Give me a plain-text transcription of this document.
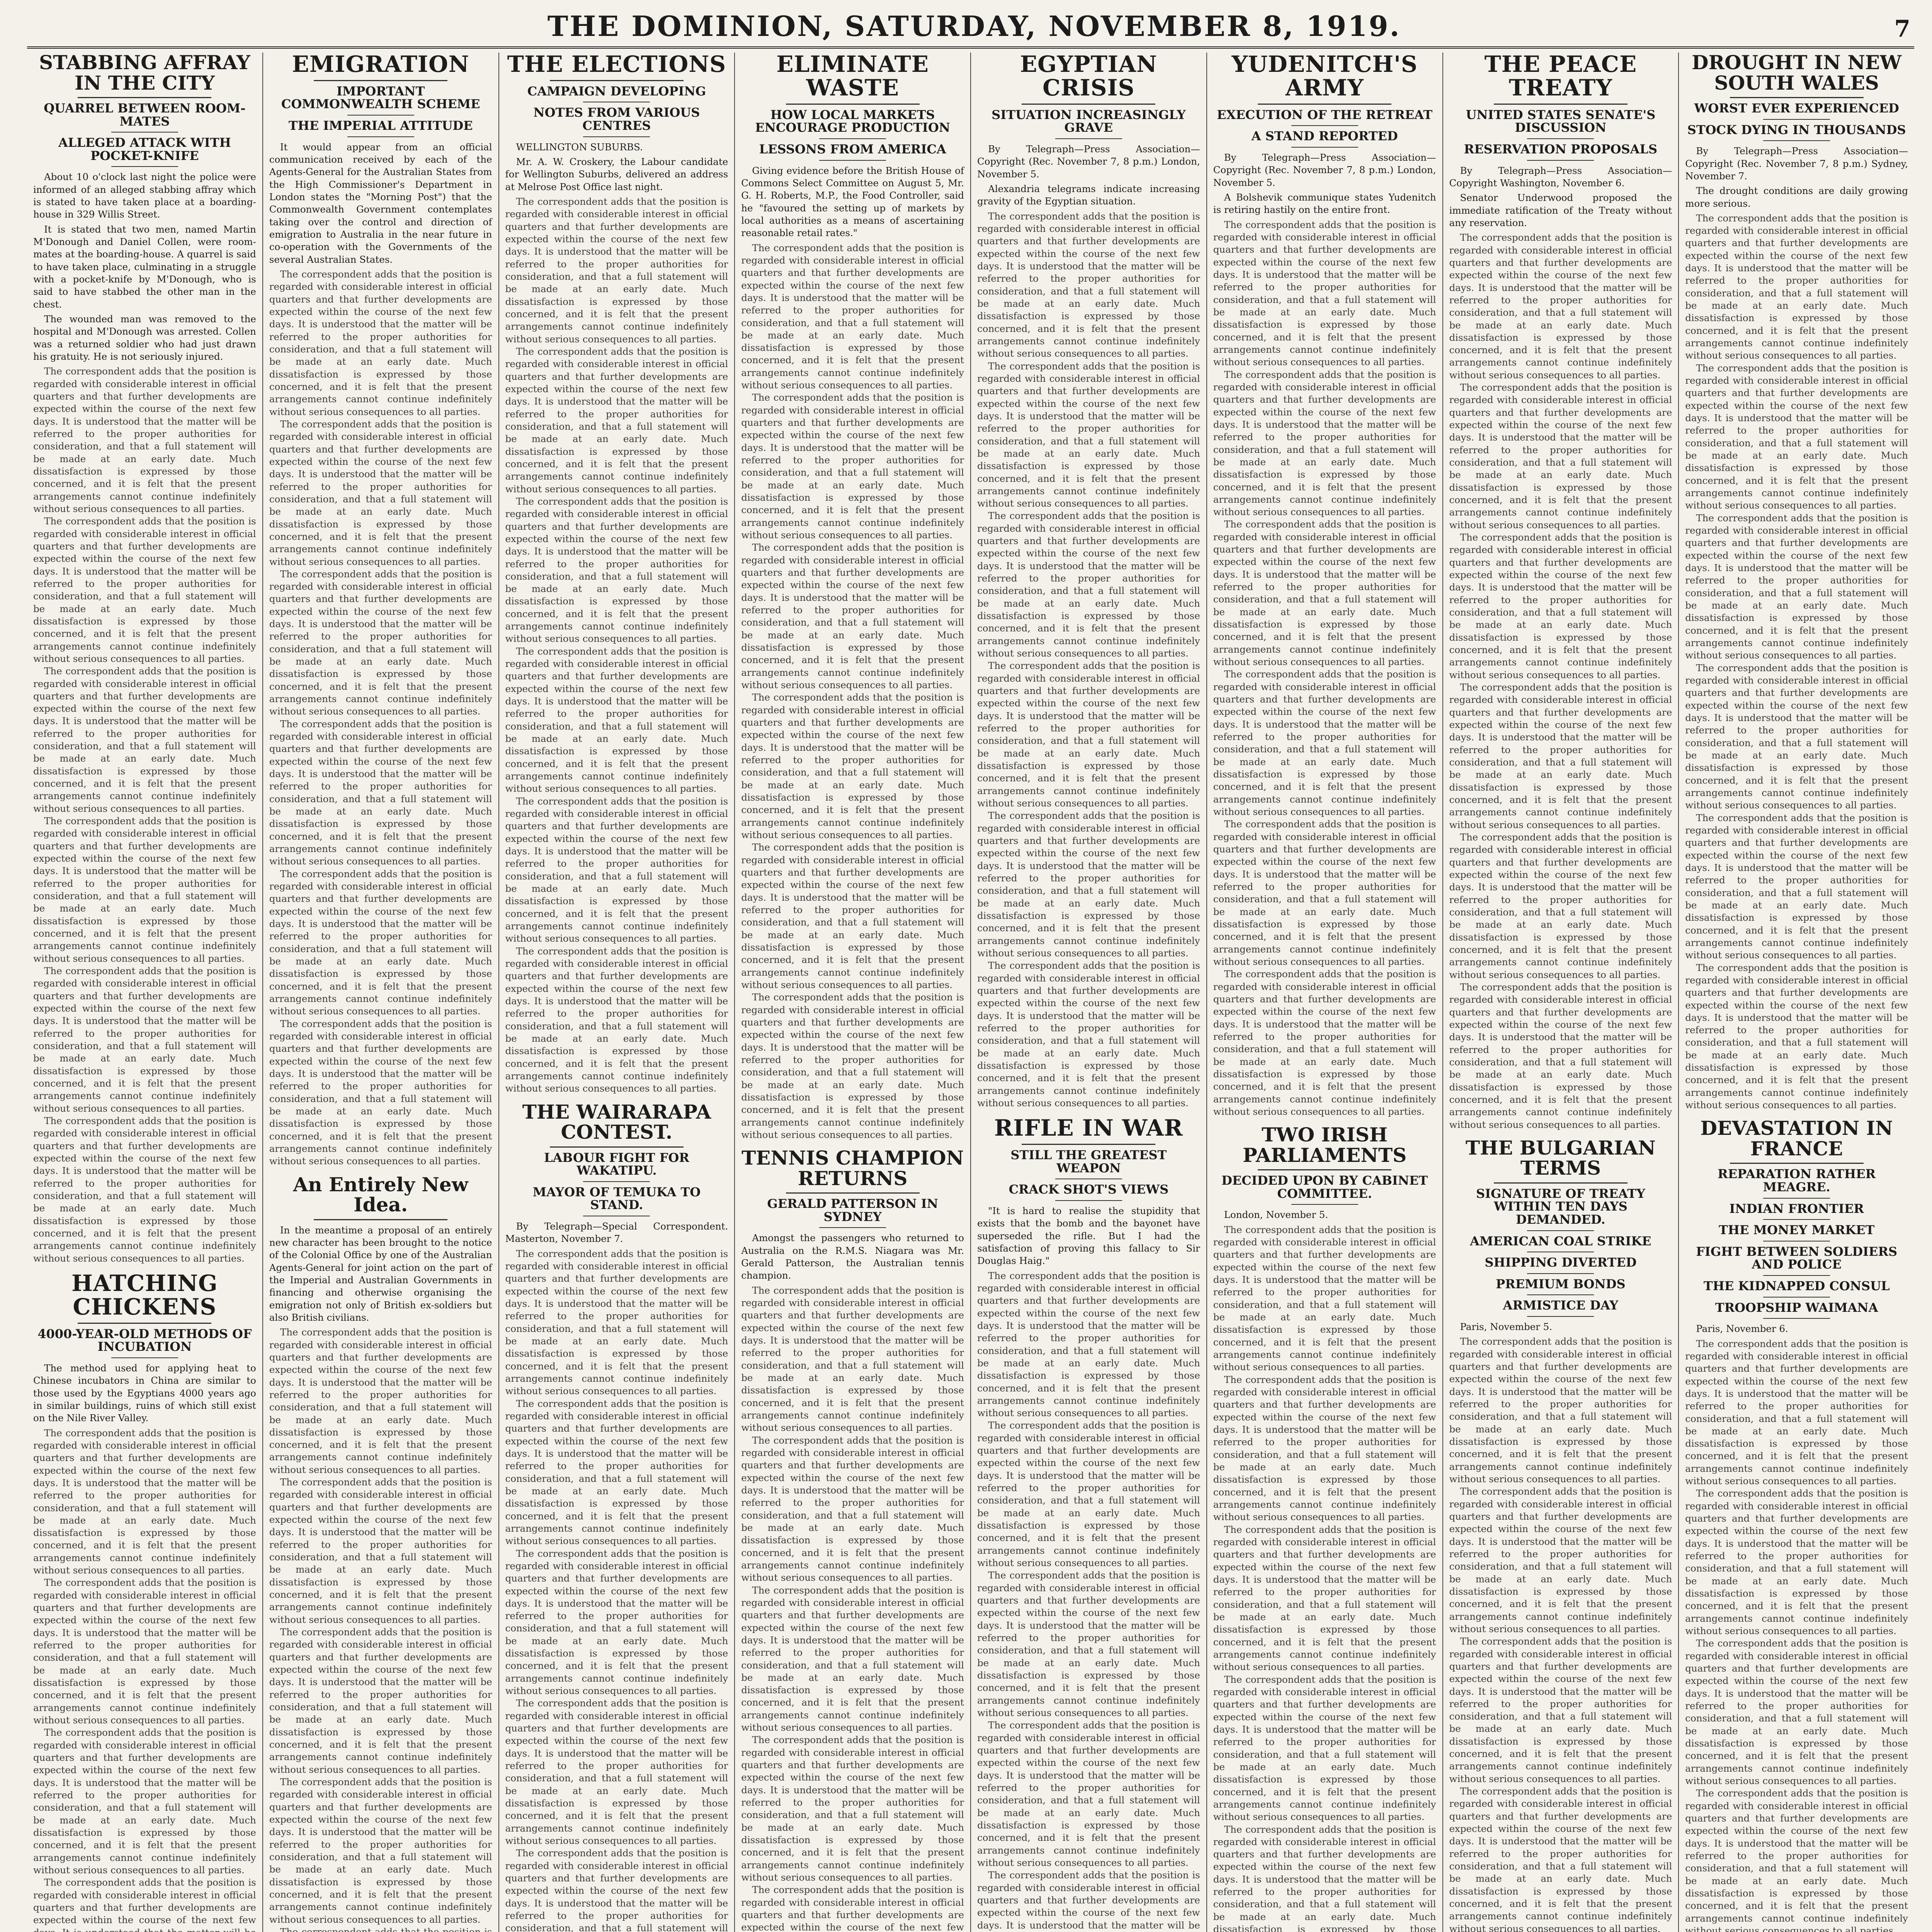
THE DOMINION, SATURDAY, NOVEMBER 8, 1919.	7
STABBING AFFRAY IN THE CITY
QUARREL BETWEEN ROOM-MATES
ALLEGED ATTACK WITH POCKET-KNIFE

About 10 o'clock last night the police were informed of an alleged stabbing affray which is stated to have taken place at a boarding-house in 329 Willis Street.

It is stated that two men, named Martin M'Donough and Daniel Collen, were room-mates at the boarding-house. A quarrel is said to have taken place, culminating in a struggle with a pocket-knife by M'Donough, who is said to have stabbed the other man in the chest.

The wounded man was removed to the hospital and M'Donough was arrested. Collen was a returned soldier who had just drawn his gratuity. He is not seriously injured.

The correspondent adds that the position is regarded with considerable interest in official quarters and that further developments are expected within the course of the next few days. It is understood that the matter will be referred to the proper authorities for consideration, and that a full statement will be made at an early date. Much dissatisfaction is expressed by those concerned, and it is felt that the present arrangements cannot continue indefinitely without serious consequences to all parties.

The correspondent adds that the position is regarded with considerable interest in official quarters and that further developments are expected within the course of the next few days. It is understood that the matter will be referred to the proper authorities for consideration, and that a full statement will be made at an early date. Much dissatisfaction is expressed by those concerned, and it is felt that the present arrangements cannot continue indefinitely without serious consequences to all parties.

The correspondent adds that the position is regarded with considerable interest in official quarters and that further developments are expected within the course of the next few days. It is understood that the matter will be referred to the proper authorities for consideration, and that a full statement will be made at an early date. Much dissatisfaction is expressed by those concerned, and it is felt that the present arrangements cannot continue indefinitely without serious consequences to all parties.

The correspondent adds that the position is regarded with considerable interest in official quarters and that further developments are expected within the course of the next few days. It is understood that the matter will be referred to the proper authorities for consideration, and that a full statement will be made at an early date. Much dissatisfaction is expressed by those concerned, and it is felt that the present arrangements cannot continue indefinitely without serious consequences to all parties.

The correspondent adds that the position is regarded with considerable interest in official quarters and that further developments are expected within the course of the next few days. It is understood that the matter will be referred to the proper authorities for consideration, and that a full statement will be made at an early date. Much dissatisfaction is expressed by those concerned, and it is felt that the present arrangements cannot continue indefinitely without serious consequences to all parties.

The correspondent adds that the position is regarded with considerable interest in official quarters and that further developments are expected within the course of the next few days. It is understood that the matter will be referred to the proper authorities for consideration, and that a full statement will be made at an early date. Much dissatisfaction is expressed by those concerned, and it is felt that the present arrangements cannot continue indefinitely without serious consequences to all parties.

HATCHING CHICKENS
4000-YEAR-OLD METHODS OF INCUBATION

The method used for applying heat to Chinese incubators in China are similar to those used by the Egyptians 4000 years ago in similar buildings, ruins of which still exist on the Nile River Valley.

The correspondent adds that the position is regarded with considerable interest in official quarters and that further developments are expected within the course of the next few days. It is understood that the matter will be referred to the proper authorities for consideration, and that a full statement will be made at an early date. Much dissatisfaction is expressed by those concerned, and it is felt that the present arrangements cannot continue indefinitely without serious consequences to all parties.

The correspondent adds that the position is regarded with considerable interest in official quarters and that further developments are expected within the course of the next few days. It is understood that the matter will be referred to the proper authorities for consideration, and that a full statement will be made at an early date. Much dissatisfaction is expressed by those concerned, and it is felt that the present arrangements cannot continue indefinitely without serious consequences to all parties.

The correspondent adds that the position is regarded with considerable interest in official quarters and that further developments are expected within the course of the next few days. It is understood that the matter will be referred to the proper authorities for consideration, and that a full statement will be made at an early date. Much dissatisfaction is expressed by those concerned, and it is felt that the present arrangements cannot continue indefinitely without serious consequences to all parties.

The correspondent adds that the position is regarded with considerable interest in official quarters and that further developments are expected within the course of the next few days. It is understood that the matter will be referred to the proper authorities for consideration, and that a full statement will be made at an early date. Much dissatisfaction is expressed by those concerned, and it is felt that the present arrangements cannot continue indefinitely without serious consequences to all parties.

EMIGRATION
IMPORTANT COMMONWEALTH SCHEME
THE IMPERIAL ATTITUDE

It would appear from an official communication received by each of the Agents-General for the Australian States from the High Commissioner's Department in London states the "Morning Post") that the Commonwealth Government contemplates taking over the control and direction of emigration to Australia in the near future in co-operation with the Governments of the several Australian States.

The correspondent adds that the position is regarded with considerable interest in official quarters and that further developments are expected within the course of the next few days. It is understood that the matter will be referred to the proper authorities for consideration, and that a full statement will be made at an early date. Much dissatisfaction is expressed by those concerned, and it is felt that the present arrangements cannot continue indefinitely without serious consequences to all parties.

The correspondent adds that the position is regarded with considerable interest in official quarters and that further developments are expected within the course of the next few days. It is understood that the matter will be referred to the proper authorities for consideration, and that a full statement will be made at an early date. Much dissatisfaction is expressed by those concerned, and it is felt that the present arrangements cannot continue indefinitely without serious consequences to all parties.

The correspondent adds that the position is regarded with considerable interest in official quarters and that further developments are expected within the course of the next few days. It is understood that the matter will be referred to the proper authorities for consideration, and that a full statement will be made at an early date. Much dissatisfaction is expressed by those concerned, and it is felt that the present arrangements cannot continue indefinitely without serious consequences to all parties.

The correspondent adds that the position is regarded with considerable interest in official quarters and that further developments are expected within the course of the next few days. It is understood that the matter will be referred to the proper authorities for consideration, and that a full statement will be made at an early date. Much dissatisfaction is expressed by those concerned, and it is felt that the present arrangements cannot continue indefinitely without serious consequences to all parties.

The correspondent adds that the position is regarded with considerable interest in official quarters and that further developments are expected within the course of the next few days. It is understood that the matter will be referred to the proper authorities for consideration, and that a full statement will be made at an early date. Much dissatisfaction is expressed by those concerned, and it is felt that the present arrangements cannot continue indefinitely without serious consequences to all parties.

The correspondent adds that the position is regarded with considerable interest in official quarters and that further developments are expected within the course of the next few days. It is understood that the matter will be referred to the proper authorities for consideration, and that a full statement will be made at an early date. Much dissatisfaction is expressed by those concerned, and it is felt that the present arrangements cannot continue indefinitely without serious consequences to all parties.

An Entirely New Idea.

In the meantime a proposal of an entirely new character has been brought to the notice of the Colonial Office by one of the Australian Agents-General for joint action on the part of the Imperial and Australian Governments in financing and otherwise organising the emigration not only of British ex-soldiers but also British civilians.

The correspondent adds that the position is regarded with considerable interest in official quarters and that further developments are expected within the course of the next few days. It is understood that the matter will be referred to the proper authorities for consideration, and that a full statement will be made at an early date. Much dissatisfaction is expressed by those concerned, and it is felt that the present arrangements cannot continue indefinitely without serious consequences to all parties.

The correspondent adds that the position is regarded with considerable interest in official quarters and that further developments are expected within the course of the next few days. It is understood that the matter will be referred to the proper authorities for consideration, and that a full statement will be made at an early date. Much dissatisfaction is expressed by those concerned, and it is felt that the present arrangements cannot continue indefinitely without serious consequences to all parties.

The correspondent adds that the position is regarded with considerable interest in official quarters and that further developments are expected within the course of the next few days. It is understood that the matter will be referred to the proper authorities for consideration, and that a full statement will be made at an early date. Much dissatisfaction is expressed by those concerned, and it is felt that the present arrangements cannot continue indefinitely without serious consequences to all parties.

The correspondent adds that the position is regarded with considerable interest in official quarters and that further developments are expected within the course of the next few days. It is understood that the matter will be referred to the proper authorities for consideration, and that a full statement will be made at an early date. Much dissatisfaction is expressed by those concerned, and it is felt that the present arrangements cannot continue indefinitely without serious consequences to all parties.

The correspondent adds that the position is regarded with considerable interest in official quarters and that further developments are expected within the course of the next few days. It is understood that the matter will be referred to the proper authorities for consideration, and that a full statement will be made at an early date. Much dissatisfaction is expressed by those concerned, and it is felt that the present arrangements cannot continue indefinitely without serious consequences to all parties.

THE ELECTIONS
CAMPAIGN DEVELOPING
NOTES FROM VARIOUS CENTRES

WELLINGTON SUBURBS.

Mr. A. W. Croskery, the Labour candidate for Wellington Suburbs, delivered an address at Melrose Post Office last night.

The correspondent adds that the position is regarded with considerable interest in official quarters and that further developments are expected within the course of the next few days. It is understood that the matter will be referred to the proper authorities for consideration, and that a full statement will be made at an early date. Much dissatisfaction is expressed by those concerned, and it is felt that the present arrangements cannot continue indefinitely without serious consequences to all parties.

The correspondent adds that the position is regarded with considerable interest in official quarters and that further developments are expected within the course of the next few days. It is understood that the matter will be referred to the proper authorities for consideration, and that a full statement will be made at an early date. Much dissatisfaction is expressed by those concerned, and it is felt that the present arrangements cannot continue indefinitely without serious consequences to all parties.

The correspondent adds that the position is regarded with considerable interest in official quarters and that further developments are expected within the course of the next few days. It is understood that the matter will be referred to the proper authorities for consideration, and that a full statement will be made at an early date. Much dissatisfaction is expressed by those concerned, and it is felt that the present arrangements cannot continue indefinitely without serious consequences to all parties.

The correspondent adds that the position is regarded with considerable interest in official quarters and that further developments are expected within the course of the next few days. It is understood that the matter will be referred to the proper authorities for consideration, and that a full statement will be made at an early date. Much dissatisfaction is expressed by those concerned, and it is felt that the present arrangements cannot continue indefinitely without serious consequences to all parties.

The correspondent adds that the position is regarded with considerable interest in official quarters and that further developments are expected within the course of the next few days. It is understood that the matter will be referred to the proper authorities for consideration, and that a full statement will be made at an early date. Much dissatisfaction is expressed by those concerned, and it is felt that the present arrangements cannot continue indefinitely without serious consequences to all parties.

The correspondent adds that the position is regarded with considerable interest in official quarters and that further developments are expected within the course of the next few days. It is understood that the matter will be referred to the proper authorities for consideration, and that a full statement will be made at an early date. Much dissatisfaction is expressed by those concerned, and it is felt that the present arrangements cannot continue indefinitely without serious consequences to all parties.

THE WAIRARAPA CONTEST.
LABOUR FIGHT FOR WAKATIPU.
MAYOR OF TEMUKA TO STAND.

By Telegraph—Special Correspondent. Masterton, November 7.

The correspondent adds that the position is regarded with considerable interest in official quarters and that further developments are expected within the course of the next few days. It is understood that the matter will be referred to the proper authorities for consideration, and that a full statement will be made at an early date. Much dissatisfaction is expressed by those concerned, and it is felt that the present arrangements cannot continue indefinitely without serious consequences to all parties.

The correspondent adds that the position is regarded with considerable interest in official quarters and that further developments are expected within the course of the next few days. It is understood that the matter will be referred to the proper authorities for consideration, and that a full statement will be made at an early date. Much dissatisfaction is expressed by those concerned, and it is felt that the present arrangements cannot continue indefinitely without serious consequences to all parties.

The correspondent adds that the position is regarded with considerable interest in official quarters and that further developments are expected within the course of the next few days. It is understood that the matter will be referred to the proper authorities for consideration, and that a full statement will be made at an early date. Much dissatisfaction is expressed by those concerned, and it is felt that the present arrangements cannot continue indefinitely without serious consequences to all parties.

The correspondent adds that the position is regarded with considerable interest in official quarters and that further developments are expected within the course of the next few days. It is understood that the matter will be referred to the proper authorities for consideration, and that a full statement will be made at an early date. Much dissatisfaction is expressed by those concerned, and it is felt that the present arrangements cannot continue indefinitely without serious consequences to all parties.

The correspondent adds that the position is regarded with considerable interest in official quarters and that further developments are expected within the course of the next few days. It is understood that the matter will be referred to the proper authorities for consideration, and that a full statement will be made at an early date. Much dissatisfaction is expressed by those concerned, and it is felt that the present arrangements cannot continue indefinitely without serious consequences to all parties.

ELIMINATE WASTE
HOW LOCAL MARKETS ENCOURAGE PRODUCTION
LESSONS FROM AMERICA

Giving evidence before the British House of Commons Select Committee on August 5, Mr. G. H. Roberts, M.P., the Food Controller, said he "favoured the setting up of markets by local authorities as a means of ascertaining reasonable retail rates."

The correspondent adds that the position is regarded with considerable interest in official quarters and that further developments are expected within the course of the next few days. It is understood that the matter will be referred to the proper authorities for consideration, and that a full statement will be made at an early date. Much dissatisfaction is expressed by those concerned, and it is felt that the present arrangements cannot continue indefinitely without serious consequences to all parties.

The correspondent adds that the position is regarded with considerable interest in official quarters and that further developments are expected within the course of the next few days. It is understood that the matter will be referred to the proper authorities for consideration, and that a full statement will be made at an early date. Much dissatisfaction is expressed by those concerned, and it is felt that the present arrangements cannot continue indefinitely without serious consequences to all parties.

The correspondent adds that the position is regarded with considerable interest in official quarters and that further developments are expected within the course of the next few days. It is understood that the matter will be referred to the proper authorities for consideration, and that a full statement will be made at an early date. Much dissatisfaction is expressed by those concerned, and it is felt that the present arrangements cannot continue indefinitely without serious consequences to all parties.

The correspondent adds that the position is regarded with considerable interest in official quarters and that further developments are expected within the course of the next few days. It is understood that the matter will be referred to the proper authorities for consideration, and that a full statement will be made at an early date. Much dissatisfaction is expressed by those concerned, and it is felt that the present arrangements cannot continue indefinitely without serious consequences to all parties.

The correspondent adds that the position is regarded with considerable interest in official quarters and that further developments are expected within the course of the next few days. It is understood that the matter will be referred to the proper authorities for consideration, and that a full statement will be made at an early date. Much dissatisfaction is expressed by those concerned, and it is felt that the present arrangements cannot continue indefinitely without serious consequences to all parties.

The correspondent adds that the position is regarded with considerable interest in official quarters and that further developments are expected within the course of the next few days. It is understood that the matter will be referred to the proper authorities for consideration, and that a full statement will be made at an early date. Much dissatisfaction is expressed by those concerned, and it is felt that the present arrangements cannot continue indefinitely without serious consequences to all parties.

TENNIS CHAMPION RETURNS
GERALD PATTERSON IN SYDNEY

Amongst the passengers who returned to Australia on the R.M.S. Niagara was Mr. Gerald Patterson, the Australian tennis champion.

The correspondent adds that the position is regarded with considerable interest in official quarters and that further developments are expected within the course of the next few days. It is understood that the matter will be referred to the proper authorities for consideration, and that a full statement will be made at an early date. Much dissatisfaction is expressed by those concerned, and it is felt that the present arrangements cannot continue indefinitely without serious consequences to all parties.

The correspondent adds that the position is regarded with considerable interest in official quarters and that further developments are expected within the course of the next few days. It is understood that the matter will be referred to the proper authorities for consideration, and that a full statement will be made at an early date. Much dissatisfaction is expressed by those concerned, and it is felt that the present arrangements cannot continue indefinitely without serious consequences to all parties.

The correspondent adds that the position is regarded with considerable interest in official quarters and that further developments are expected within the course of the next few days. It is understood that the matter will be referred to the proper authorities for consideration, and that a full statement will be made at an early date. Much dissatisfaction is expressed by those concerned, and it is felt that the present arrangements cannot continue indefinitely without serious consequences to all parties.

The correspondent adds that the position is regarded with considerable interest in official quarters and that further developments are expected within the course of the next few days. It is understood that the matter will be referred to the proper authorities for consideration, and that a full statement will be made at an early date. Much dissatisfaction is expressed by those concerned, and it is felt that the present arrangements cannot continue indefinitely without serious consequences to all parties.

The correspondent adds that the position is regarded with considerable interest in official quarters and that further developments are expected within the course of the next few days. It is understood that the matter will be referred to the proper authorities for consideration, and that a full statement will be made at an early date. Much dissatisfaction is expressed by those concerned, and it is felt that the present arrangements cannot continue indefinitely without serious consequences to all parties.

EGYPTIAN CRISIS
SITUATION INCREASINGLY GRAVE

By Telegraph—Press Association—Copyright (Rec. November 7, 8 p.m.) London, November 5.

Alexandria telegrams indicate increasing gravity of the Egyptian situation.

The correspondent adds that the position is regarded with considerable interest in official quarters and that further developments are expected within the course of the next few days. It is understood that the matter will be referred to the proper authorities for consideration, and that a full statement will be made at an early date. Much dissatisfaction is expressed by those concerned, and it is felt that the present arrangements cannot continue indefinitely without serious consequences to all parties.

The correspondent adds that the position is regarded with considerable interest in official quarters and that further developments are expected within the course of the next few days. It is understood that the matter will be referred to the proper authorities for consideration, and that a full statement will be made at an early date. Much dissatisfaction is expressed by those concerned, and it is felt that the present arrangements cannot continue indefinitely without serious consequences to all parties.

The correspondent adds that the position is regarded with considerable interest in official quarters and that further developments are expected within the course of the next few days. It is understood that the matter will be referred to the proper authorities for consideration, and that a full statement will be made at an early date. Much dissatisfaction is expressed by those concerned, and it is felt that the present arrangements cannot continue indefinitely without serious consequences to all parties.

The correspondent adds that the position is regarded with considerable interest in official quarters and that further developments are expected within the course of the next few days. It is understood that the matter will be referred to the proper authorities for consideration, and that a full statement will be made at an early date. Much dissatisfaction is expressed by those concerned, and it is felt that the present arrangements cannot continue indefinitely without serious consequences to all parties.

The correspondent adds that the position is regarded with considerable interest in official quarters and that further developments are expected within the course of the next few days. It is understood that the matter will be referred to the proper authorities for consideration, and that a full statement will be made at an early date. Much dissatisfaction is expressed by those concerned, and it is felt that the present arrangements cannot continue indefinitely without serious consequences to all parties.

The correspondent adds that the position is regarded with considerable interest in official quarters and that further developments are expected within the course of the next few days. It is understood that the matter will be referred to the proper authorities for consideration, and that a full statement will be made at an early date. Much dissatisfaction is expressed by those concerned, and it is felt that the present arrangements cannot continue indefinitely without serious consequences to all parties.

RIFLE IN WAR
STILL THE GREATEST WEAPON
CRACK SHOT'S VIEWS

"It is hard to realise the stupidity that exists that the bomb and the bayonet have superseded the rifle. But I had the satisfaction of proving this fallacy to Sir Douglas Haig."

The correspondent adds that the position is regarded with considerable interest in official quarters and that further developments are expected within the course of the next few days. It is understood that the matter will be referred to the proper authorities for consideration, and that a full statement will be made at an early date. Much dissatisfaction is expressed by those concerned, and it is felt that the present arrangements cannot continue indefinitely without serious consequences to all parties.

The correspondent adds that the position is regarded with considerable interest in official quarters and that further developments are expected within the course of the next few days. It is understood that the matter will be referred to the proper authorities for consideration, and that a full statement will be made at an early date. Much dissatisfaction is expressed by those concerned, and it is felt that the present arrangements cannot continue indefinitely without serious consequences to all parties.

The correspondent adds that the position is regarded with considerable interest in official quarters and that further developments are expected within the course of the next few days. It is understood that the matter will be referred to the proper authorities for consideration, and that a full statement will be made at an early date. Much dissatisfaction is expressed by those concerned, and it is felt that the present arrangements cannot continue indefinitely without serious consequences to all parties.

The correspondent adds that the position is regarded with considerable interest in official quarters and that further developments are expected within the course of the next few days. It is understood that the matter will be referred to the proper authorities for consideration, and that a full statement will be made at an early date. Much dissatisfaction is expressed by those concerned, and it is felt that the present arrangements cannot continue indefinitely without serious consequences to all parties.

The correspondent adds that the position is regarded with considerable interest in official quarters and that further developments are expected within the course of the next few days. It is understood that the matter will be referred to the proper authorities for consideration, and that a full statement will be made at an early date. Much dissatisfaction is expressed by those concerned, and it is felt that the present arrangements cannot continue indefinitely without serious consequences to all parties.

YUDENITCH'S ARMY
EXECUTION OF THE RETREAT
A STAND REPORTED

By Telegraph—Press Association—Copyright (Rec. November 7, 8 p.m.) London, November 5.

A Bolshevik communique states Yudenitch is retiring hastily on the entire front.

The correspondent adds that the position is regarded with considerable interest in official quarters and that further developments are expected within the course of the next few days. It is understood that the matter will be referred to the proper authorities for consideration, and that a full statement will be made at an early date. Much dissatisfaction is expressed by those concerned, and it is felt that the present arrangements cannot continue indefinitely without serious consequences to all parties.

The correspondent adds that the position is regarded with considerable interest in official quarters and that further developments are expected within the course of the next few days. It is understood that the matter will be referred to the proper authorities for consideration, and that a full statement will be made at an early date. Much dissatisfaction is expressed by those concerned, and it is felt that the present arrangements cannot continue indefinitely without serious consequences to all parties.

The correspondent adds that the position is regarded with considerable interest in official quarters and that further developments are expected within the course of the next few days. It is understood that the matter will be referred to the proper authorities for consideration, and that a full statement will be made at an early date. Much dissatisfaction is expressed by those concerned, and it is felt that the present arrangements cannot continue indefinitely without serious consequences to all parties.

The correspondent adds that the position is regarded with considerable interest in official quarters and that further developments are expected within the course of the next few days. It is understood that the matter will be referred to the proper authorities for consideration, and that a full statement will be made at an early date. Much dissatisfaction is expressed by those concerned, and it is felt that the present arrangements cannot continue indefinitely without serious consequences to all parties.

The correspondent adds that the position is regarded with considerable interest in official quarters and that further developments are expected within the course of the next few days. It is understood that the matter will be referred to the proper authorities for consideration, and that a full statement will be made at an early date. Much dissatisfaction is expressed by those concerned, and it is felt that the present arrangements cannot continue indefinitely without serious consequences to all parties.

The correspondent adds that the position is regarded with considerable interest in official quarters and that further developments are expected within the course of the next few days. It is understood that the matter will be referred to the proper authorities for consideration, and that a full statement will be made at an early date. Much dissatisfaction is expressed by those concerned, and it is felt that the present arrangements cannot continue indefinitely without serious consequences to all parties.

TWO IRISH PARLIAMENTS
DECIDED UPON BY CABINET COMMITTEE.

London, November 5.

The correspondent adds that the position is regarded with considerable interest in official quarters and that further developments are expected within the course of the next few days. It is understood that the matter will be referred to the proper authorities for consideration, and that a full statement will be made at an early date. Much dissatisfaction is expressed by those concerned, and it is felt that the present arrangements cannot continue indefinitely without serious consequences to all parties.

The correspondent adds that the position is regarded with considerable interest in official quarters and that further developments are expected within the course of the next few days. It is understood that the matter will be referred to the proper authorities for consideration, and that a full statement will be made at an early date. Much dissatisfaction is expressed by those concerned, and it is felt that the present arrangements cannot continue indefinitely without serious consequences to all parties.

The correspondent adds that the position is regarded with considerable interest in official quarters and that further developments are expected within the course of the next few days. It is understood that the matter will be referred to the proper authorities for consideration, and that a full statement will be made at an early date. Much dissatisfaction is expressed by those concerned, and it is felt that the present arrangements cannot continue indefinitely without serious consequences to all parties.

The correspondent adds that the position is regarded with considerable interest in official quarters and that further developments are expected within the course of the next few days. It is understood that the matter will be referred to the proper authorities for consideration, and that a full statement will be made at an early date. Much dissatisfaction is expressed by those concerned, and it is felt that the present arrangements cannot continue indefinitely without serious consequences to all parties.

The correspondent adds that the position is regarded with considerable interest in official quarters and that further developments are expected within the course of the next few days. It is understood that the matter will be referred to the proper authorities for consideration, and that a full statement will be made at an early date. Much dissatisfaction is expressed by those concerned, and it is felt that the present arrangements cannot continue indefinitely without serious consequences to all parties.

THE PEACE TREATY
UNITED STATES SENATE'S DISCUSSION
RESERVATION PROPOSALS

By Telegraph—Press Association—Copyright Washington, November 6.

Senator Underwood proposed the immediate ratification of the Treaty without any reservation.

The correspondent adds that the position is regarded with considerable interest in official quarters and that further developments are expected within the course of the next few days. It is understood that the matter will be referred to the proper authorities for consideration, and that a full statement will be made at an early date. Much dissatisfaction is expressed by those concerned, and it is felt that the present arrangements cannot continue indefinitely without serious consequences to all parties.

The correspondent adds that the position is regarded with considerable interest in official quarters and that further developments are expected within the course of the next few days. It is understood that the matter will be referred to the proper authorities for consideration, and that a full statement will be made at an early date. Much dissatisfaction is expressed by those concerned, and it is felt that the present arrangements cannot continue indefinitely without serious consequences to all parties.

The correspondent adds that the position is regarded with considerable interest in official quarters and that further developments are expected within the course of the next few days. It is understood that the matter will be referred to the proper authorities for consideration, and that a full statement will be made at an early date. Much dissatisfaction is expressed by those concerned, and it is felt that the present arrangements cannot continue indefinitely without serious consequences to all parties.

The correspondent adds that the position is regarded with considerable interest in official quarters and that further developments are expected within the course of the next few days. It is understood that the matter will be referred to the proper authorities for consideration, and that a full statement will be made at an early date. Much dissatisfaction is expressed by those concerned, and it is felt that the present arrangements cannot continue indefinitely without serious consequences to all parties.

The correspondent adds that the position is regarded with considerable interest in official quarters and that further developments are expected within the course of the next few days. It is understood that the matter will be referred to the proper authorities for consideration, and that a full statement will be made at an early date. Much dissatisfaction is expressed by those concerned, and it is felt that the present arrangements cannot continue indefinitely without serious consequences to all parties.

The correspondent adds that the position is regarded with considerable interest in official quarters and that further developments are expected within the course of the next few days. It is understood that the matter will be referred to the proper authorities for consideration, and that a full statement will be made at an early date. Much dissatisfaction is expressed by those concerned, and it is felt that the present arrangements cannot continue indefinitely without serious consequences to all parties.

THE BULGARIAN TERMS
SIGNATURE OF TREATY WITHIN TEN DAYS DEMANDED.
AMERICAN COAL STRIKE
SHIPPING DIVERTED
PREMIUM BONDS
ARMISTICE DAY

Paris, November 5.

The correspondent adds that the position is regarded with considerable interest in official quarters and that further developments are expected within the course of the next few days. It is understood that the matter will be referred to the proper authorities for consideration, and that a full statement will be made at an early date. Much dissatisfaction is expressed by those concerned, and it is felt that the present arrangements cannot continue indefinitely without serious consequences to all parties.

The correspondent adds that the position is regarded with considerable interest in official quarters and that further developments are expected within the course of the next few days. It is understood that the matter will be referred to the proper authorities for consideration, and that a full statement will be made at an early date. Much dissatisfaction is expressed by those concerned, and it is felt that the present arrangements cannot continue indefinitely without serious consequences to all parties.

The correspondent adds that the position is regarded with considerable interest in official quarters and that further developments are expected within the course of the next few days. It is understood that the matter will be referred to the proper authorities for consideration, and that a full statement will be made at an early date. Much dissatisfaction is expressed by those concerned, and it is felt that the present arrangements cannot continue indefinitely without serious consequences to all parties.

The correspondent adds that the position is regarded with considerable interest in official quarters and that further developments are expected within the course of the next few days. It is understood that the matter will be referred to the proper authorities for consideration, and that a full statement will be made at an early date. Much dissatisfaction is expressed by those concerned, and it is felt that the present arrangements cannot continue indefinitely without serious consequences to all parties.

DROUGHT IN NEW SOUTH WALES
WORST EVER EXPERIENCED
STOCK DYING IN THOUSANDS

By Telegraph—Press Association—Copyright (Rec. November 7, 8 p.m.) Sydney, November 7.

The drought conditions are daily growing more serious.

The correspondent adds that the position is regarded with considerable interest in official quarters and that further developments are expected within the course of the next few days. It is understood that the matter will be referred to the proper authorities for consideration, and that a full statement will be made at an early date. Much dissatisfaction is expressed by those concerned, and it is felt that the present arrangements cannot continue indefinitely without serious consequences to all parties.

The correspondent adds that the position is regarded with considerable interest in official quarters and that further developments are expected within the course of the next few days. It is understood that the matter will be referred to the proper authorities for consideration, and that a full statement will be made at an early date. Much dissatisfaction is expressed by those concerned, and it is felt that the present arrangements cannot continue indefinitely without serious consequences to all parties.

The correspondent adds that the position is regarded with considerable interest in official quarters and that further developments are expected within the course of the next few days. It is understood that the matter will be referred to the proper authorities for consideration, and that a full statement will be made at an early date. Much dissatisfaction is expressed by those concerned, and it is felt that the present arrangements cannot continue indefinitely without serious consequences to all parties.

The correspondent adds that the position is regarded with considerable interest in official quarters and that further developments are expected within the course of the next few days. It is understood that the matter will be referred to the proper authorities for consideration, and that a full statement will be made at an early date. Much dissatisfaction is expressed by those concerned, and it is felt that the present arrangements cannot continue indefinitely without serious consequences to all parties.

The correspondent adds that the position is regarded with considerable interest in official quarters and that further developments are expected within the course of the next few days. It is understood that the matter will be referred to the proper authorities for consideration, and that a full statement will be made at an early date. Much dissatisfaction is expressed by those concerned, and it is felt that the present arrangements cannot continue indefinitely without serious consequences to all parties.

The correspondent adds that the position is regarded with considerable interest in official quarters and that further developments are expected within the course of the next few days. It is understood that the matter will be referred to the proper authorities for consideration, and that a full statement will be made at an early date. Much dissatisfaction is expressed by those concerned, and it is felt that the present arrangements cannot continue indefinitely without serious consequences to all parties.

DEVASTATION IN FRANCE
REPARATION RATHER MEAGRE.
INDIAN FRONTIER
THE MONEY MARKET
FIGHT BETWEEN SOLDIERS AND POLICE
THE KIDNAPPED CONSUL
TROOPSHIP WAIMANA

Paris, November 6.

The correspondent adds that the position is regarded with considerable interest in official quarters and that further developments are expected within the course of the next few days. It is understood that the matter will be referred to the proper authorities for consideration, and that a full statement will be made at an early date. Much dissatisfaction is expressed by those concerned, and it is felt that the present arrangements cannot continue indefinitely without serious consequences to all parties.

The correspondent adds that the position is regarded with considerable interest in official quarters and that further developments are expected within the course of the next few days. It is understood that the matter will be referred to the proper authorities for consideration, and that a full statement will be made at an early date. Much dissatisfaction is expressed by those concerned, and it is felt that the present arrangements cannot continue indefinitely without serious consequences to all parties.

The correspondent adds that the position is regarded with considerable interest in official quarters and that further developments are expected within the course of the next few days. It is understood that the matter will be referred to the proper authorities for consideration, and that a full statement will be made at an early date. Much dissatisfaction is expressed by those concerned, and it is felt that the present arrangements cannot continue indefinitely without serious consequences to all parties.

The correspondent adds that the position is regarded with considerable interest in official quarters and that further developments are expected within the course of the next few days. It is understood that the matter will be referred to the proper authorities for consideration, and that a full statement will be made at an early date. Much dissatisfaction is expressed by those concerned, and it is felt that the present arrangements cannot continue indefinitely without serious consequences to all parties.
